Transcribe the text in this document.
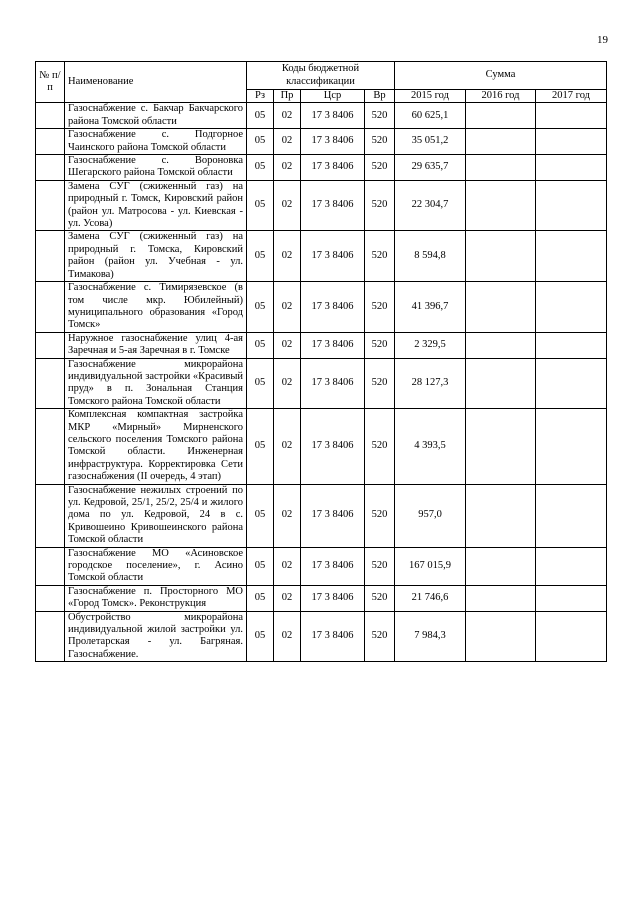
19
№ п/п	Наименование	Коды бюджетной классификации				Сумма		
		Рз	Пр	Цср	Вр	2015 год	2016 год	2017 год
	Газоснабжение с. Бакчар Бакчарского района Томской области	05	02	17 3 8406	520	60 625,1		
	Газоснабжение с. Подгорное Чаинского района Томской области	05	02	17 3 8406	520	35 051,2		
	Газоснабжение с. Вороновка Шегарского района Томской области	05	02	17 3 8406	520	29 635,7		
	Замена СУГ (сжиженный газ) на природный г. Томск, Кировский район (район ул. Матросова - ул. Киевская - ул. Усова)	05	02	17 3 8406	520	22 304,7		
	Замена СУГ (сжиженный газ) на природный г. Томска, Кировский район (район ул. Учебная - ул. Тимакова)	05	02	17 3 8406	520	8 594,8		
	Газоснабжение с. Тимирязевское (в том числе мкр. Юбилейный) муниципального образования «Город Томск»	05	02	17 3 8406	520	41 396,7		
	Наружное газоснабжение улиц 4-ая Заречная и 5-ая Заречная в г. Томске	05	02	17 3 8406	520	2 329,5		
	Газоснабжение микрорайона индивидуальной застройки «Красивый пруд» в п. Зональная Станция Томского района Томской области	05	02	17 3 8406	520	28 127,3		
	Комплексная компактная застройка МКР «Мирный» Мирненского сельского поселения Томского района Томской области. Инженерная инфраструктура. Корректировка Сети газоснабжения (II очередь, 4 этап)	05	02	17 3 8406	520	4 393,5		
	Газоснабжение нежилых строений по ул. Кедровой, 25/1, 25/2, 25/4 и жилого дома по ул. Кедровой, 24 в с. Кривошеино Кривошеинского района Томской области	05	02	17 3 8406	520	957,0		
	Газоснабжение МО «Асиновское городское поселение», г. Асино Томской области	05	02	17 3 8406	520	167 015,9		
	Газоснабжение п. Просторного МО «Город Томск». Реконструкция	05	02	17 3 8406	520	21 746,6		
	Обустройство микрорайона индивидуальной жилой застройки ул. Пролетарская - ул. Багряная. Газоснабжение.	05	02	17 3 8406	520	7 984,3		
